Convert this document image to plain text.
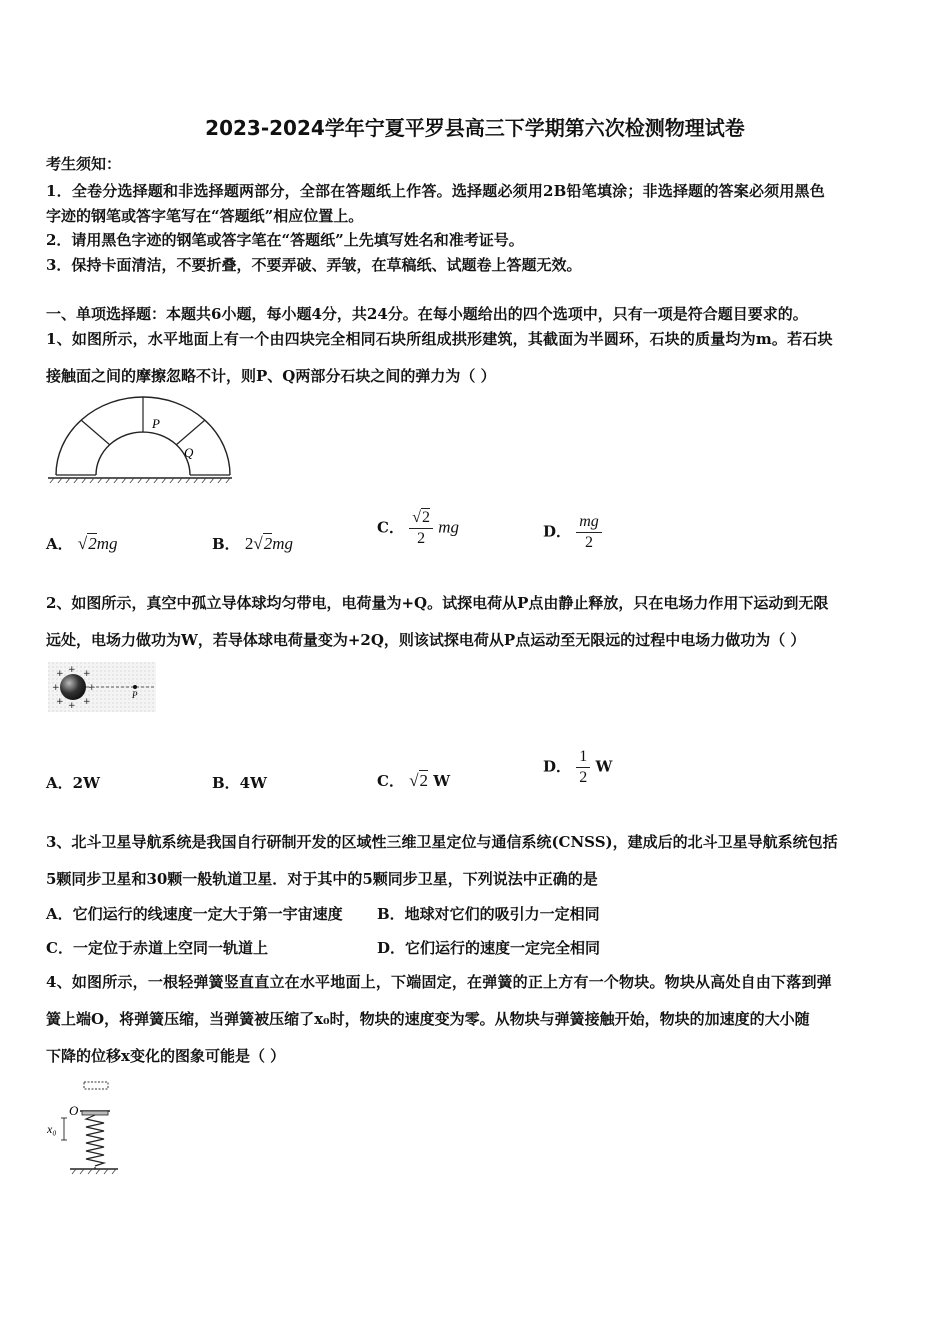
2023-2024学年宁夏平罗县高三下学期第六次检测物理试卷
考生须知：
1．全卷分选择题和非选择题两部分，全部在答题纸上作答。选择题必须用2B铅笔填涂；非选择题的答案必须用黑色
字迹的钢笔或答字笔写在“答题纸”相应位置上。
2．请用黑色字迹的钢笔或答字笔在“答题纸”上先填写姓名和准考证号。
3．保持卡面清洁，不要折叠，不要弄破、弄皱，在草稿纸、试题卷上答题无效。
一、单项选择题：本题共6小题，每小题4分，共24分。在每小题给出的四个选项中，只有一项是符合题目要求的。
1、如图所示，水平地面上有一个由四块完全相同石块所组成拱形建筑，其截面为半圆环，石块的质量均为m。若石块
接触面之间的摩擦忽略不计，则P、Q两部分石块之间的弹力为（ ）
P
Q
A． √2mg	B． 2√2mg
C． $\frac{√2}{2}$ mg	D． $\frac{mg}{2}$
2、如图所示，真空中孤立导体球均匀带电，电荷量为+Q。试探电荷从P点由静止释放，只在电场力作用下运动到无限
远处，电场力做功为W，若导体球电荷量变为+2Q，则该试探电荷从P点运动至无限远的过程中电场力做功为（ ）
+ +
+
+	+
+ +
+
P
A．2W	B．4W	C． √2 W
D． $\frac{1}{2}$ W
3、北斗卫星导航系统是我国自行研制开发的区域性三维卫星定位与通信系统(CNSS)，建成后的北斗卫星导航系统包括
5颗同步卫星和30颗一般轨道卫星．对于其中的5颗同步卫星，下列说法中正确的是
A．它们运行的线速度一定大于第一宇宙速度 B．地球对它们的吸引力一定相同
C．一定位于赤道上空同一轨道上	D．它们运行的速度一定完全相同
4、如图所示，一根轻弹簧竖直直立在水平地面上，下端固定，在弹簧的正上方有一个物块。物块从高处自由下落到弹
簧上端O，将弹簧压缩，当弹簧被压缩了x₀时，物块的速度变为零。从物块与弹簧接触开始，物块的加速度的大小随
下降的位移x变化的图象可能是（ ）
O
x₀
